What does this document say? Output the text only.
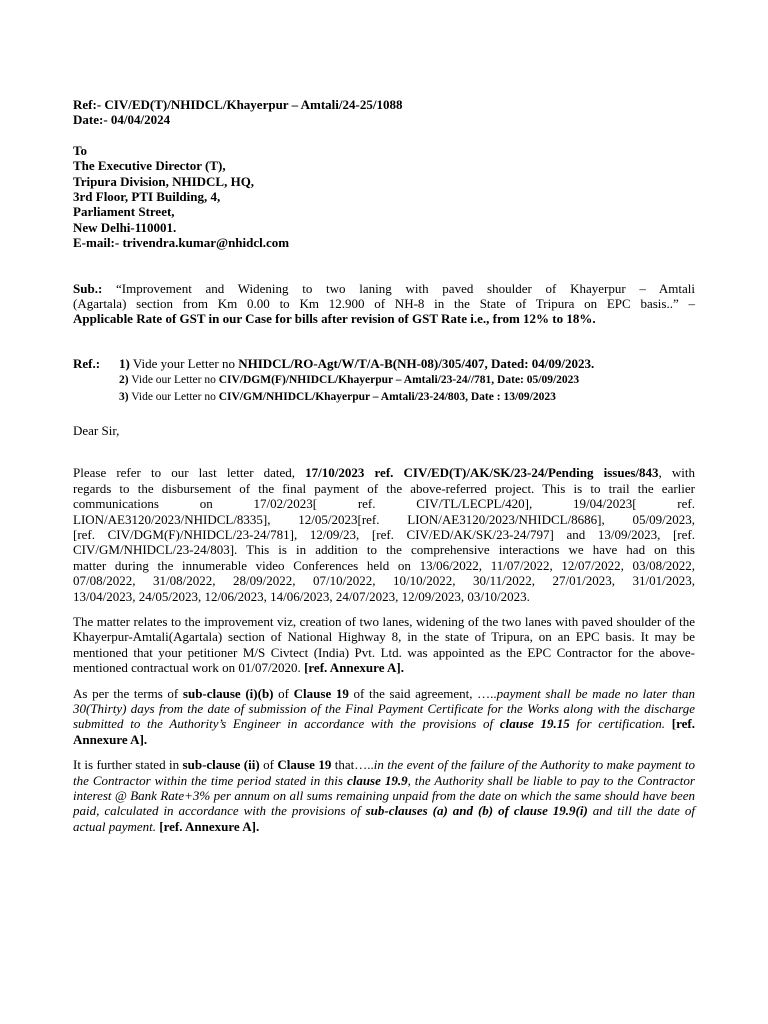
Ref:- CIV/ED(T)/NHIDCL/Khayerpur – Amtali/24-25/1088
Date:- 04/04/2024
To
The Executive Director (T),
Tripura Division, NHIDCL, HQ,
3rd Floor, PTI Building, 4,
Parliament Street,
New Delhi-110001.
E-mail:- trivendra.kumar@nhidcl.com
Sub.: “Improvement and Widening to two laning with paved shoulder of Khayerpur – Amtali
(Agartala) section from Km 0.00 to Km 12.900 of NH-8 in the State of Tripura on EPC basis..” –
Applicable Rate of GST in our Case for bills after revision of GST Rate i.e., from 12% to 18%.
Ref.:	1) Vide your Letter no NHIDCL/RO-Agt/W/T/A-B(NH-08)/305/407, Dated: 04/09/2023.
2) Vide our Letter no CIV/DGM(F)/NHIDCL/Khayerpur – Amtali/23-24//781, Date: 05/09/2023
3) Vide our Letter no CIV/GM/NHIDCL/Khayerpur – Amtali/23-24/803, Date : 13/09/2023
Dear Sir,
Please refer to our last letter dated, 17/10/2023 ref. CIV/ED(T)/AK/SK/23-24/Pending issues/843, with
regards to the disbursement of the final payment of the above-referred project. This is to trail the earlier
communications on 17/02/2023[ ref. CIV/TL/LECPL/420], 19/04/2023[ ref.
LION/AE3120/2023/NHIDCL/8335], 12/05/2023[ref. LION/AE3120/2023/NHIDCL/8686], 05/09/2023,
[ref. CIV/DGM(F)/NHIDCL/23-24/781], 12/09/23, [ref. CIV/ED/AK/SK/23-24/797] and 13/09/2023, [ref.
CIV/GM/NHIDCL/23-24/803]. This is in addition to the comprehensive interactions we have had on this
matter during the innumerable video Conferences held on 13/06/2022, 11/07/2022, 12/07/2022, 03/08/2022,
07/08/2022, 31/08/2022, 28/09/2022, 07/10/2022, 10/10/2022, 30/11/2022, 27/01/2023, 31/01/2023,
13/04/2023, 24/05/2023, 12/06/2023, 14/06/2023, 24/07/2023, 12/09/2023, 03/10/2023.
The matter relates to the improvement viz, creation of two lanes, widening of the two lanes with paved shoulder of the Khayerpur-Amtali(Agartala) section of National Highway 8, in the state of Tripura, on an EPC basis. It may be mentioned that your petitioner M/S Civtect (India) Pvt. Ltd. was appointed as the EPC Contractor for the above-mentioned contractual work on 01/07/2020. [ref. Annexure A].
As per the terms of sub-clause (i)(b) of Clause 19 of the said agreement, …..payment shall be made no later than 30(Thirty) days from the date of submission of the Final Payment Certificate for the Works along with the discharge submitted to the Authority’s Engineer in accordance with the provisions of clause 19.15 for certification. [ref. Annexure A].
It is further stated in sub-clause (ii) of Clause 19 that…..in the event of the failure of the Authority to make payment to the Contractor within the time period stated in this clause 19.9, the Authority shall be liable to pay to the Contractor interest @ Bank Rate+3% per annum on all sums remaining unpaid from the date on which the same should have been paid, calculated in accordance with the provisions of sub-clauses (a) and (b) of clause 19.9(i) and till the date of actual payment. [ref. Annexure A].
